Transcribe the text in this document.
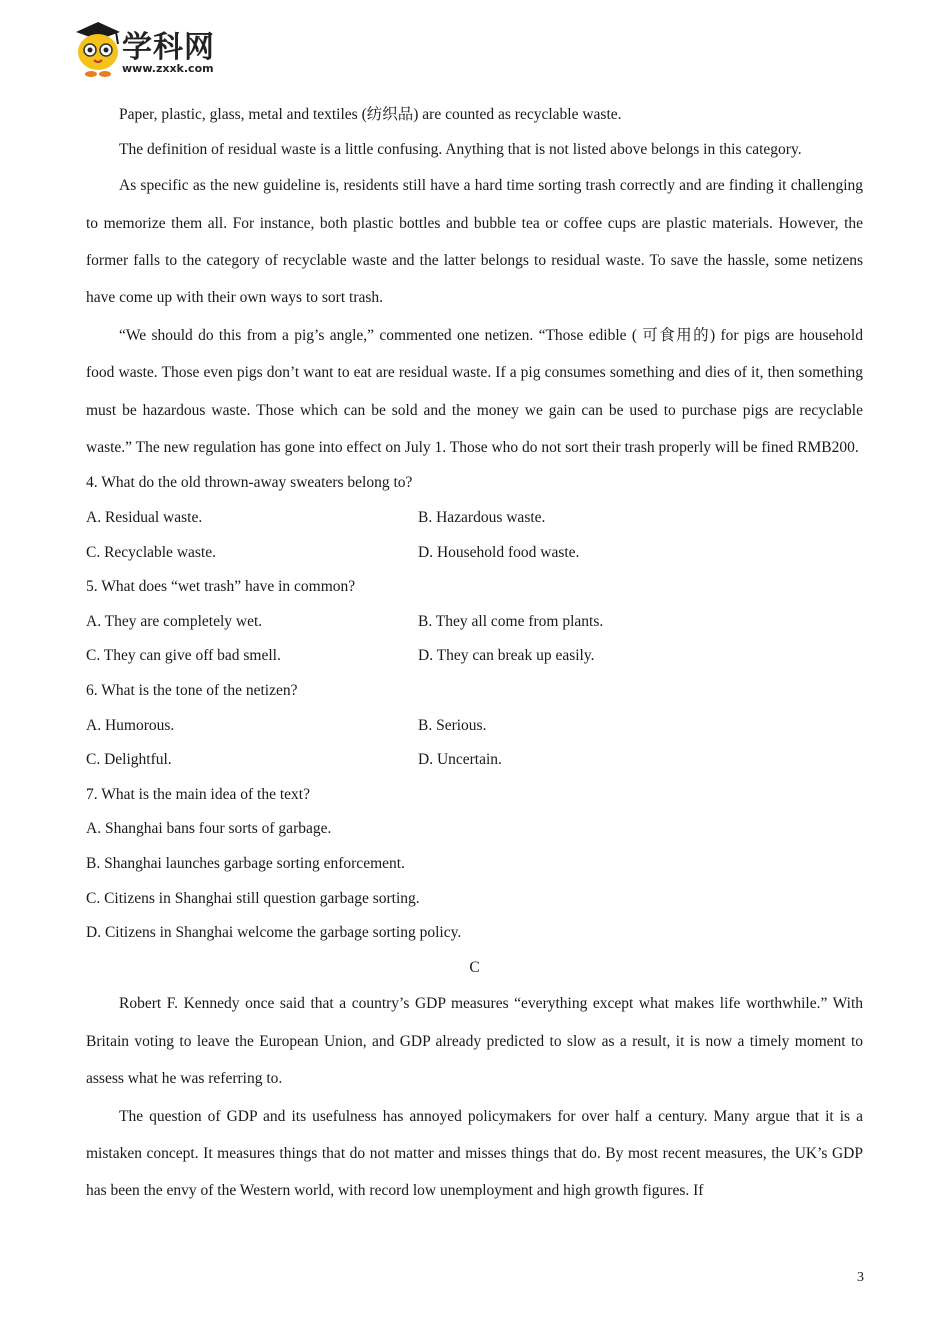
学科网
www.zxxk.com

Paper, plastic, glass, metal and textiles (纺织品) are counted as recyclable waste.

The definition of residual waste is a little confusing. Anything that is not listed above belongs in this category.

As specific as the new guideline is, residents still have a hard time sorting trash correctly and are finding it challenging to memorize them all. For instance, both plastic bottles and bubble tea or coffee cups are plastic materials. However, the former falls to the category of recyclable waste and the latter belongs to residual waste. To save the hassle, some netizens have come up with their own ways to sort trash.

“We should do this from a pig’s angle,” commented one netizen. “Those edible ( 可食用的) for pigs are household food waste. Those even pigs don’t want to eat are residual waste. If a pig consumes something and dies of it, then something must be hazardous waste. Those which can be sold and the money we gain can be used to purchase pigs are recyclable waste.” The new regulation has gone into effect on July 1. Those who do not sort their trash properly will be fined RMB200.

4. What do the old thrown-away sweaters belong to?

A. Residual waste.	B. Hazardous waste.
C. Recyclable waste.	D. Household food waste.

5. What does “wet trash” have in common?

A. They are completely wet.	B. They all come from plants.
C. They can give off bad smell.	D. They can break up easily.

6. What is the tone of the netizen?

A. Humorous.	B. Serious.
C. Delightful.	D. Uncertain.

7. What is the main idea of the text?

A. Shanghai bans four sorts of garbage.

B. Shanghai launches garbage sorting enforcement.

C. Citizens in Shanghai still question garbage sorting.

D. Citizens in Shanghai welcome the garbage sorting policy.

C

Robert F. Kennedy once said that a country’s GDP measures “everything except what makes life worthwhile.” With Britain voting to leave the European Union, and GDP already predicted to slow as a result, it is now a timely moment to assess what he was referring to.

The question of GDP and its usefulness has annoyed policymakers for over half a century. Many argue that it is a mistaken concept. It measures things that do not matter and misses things that do. By most recent measures, the UK’s GDP has been the envy of the Western world, with record low unemployment and high growth figures. If

3
